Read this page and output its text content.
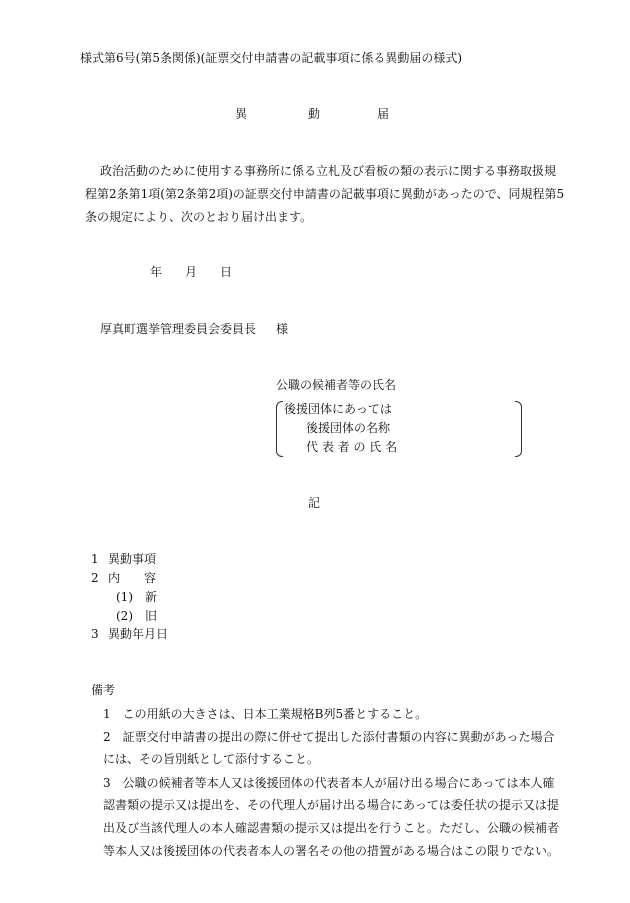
様式第6号(第5条関係)(証票交付申請書の記載事項に係る異動届の様式)
異	動	届
政治活動のために使用する事務所に係る立札及び看板の類の表示に関する事務取扱規
程第2条第1項(第2条第2項)の証票交付申請書の記載事項に異動があったので、同規程第5
条の規定により、次のとおり届け出ます。
年 月 日
厚真町選挙管理委員会委員長 様
公職の候補者等の氏名
後援団体にあっては
後援団体の名称
代 表 者 の 氏 名
記
1 異動事項
2 内　　容
(1) 新
(2) 旧
3 異動年月日
備考
1　この用紙の大きさは、日本工業規格B列5番とすること。
2　証票交付申請書の提出の際に併せて提出した添付書類の内容に異動があった場合
には、その旨別紙として添付すること。
3　公職の候補者等本人又は後援団体の代表者本人が届け出る場合にあっては本人確
認書類の提示又は提出を、その代理人が届け出る場合にあっては委任状の提示又は提
出及び当該代理人の本人確認書類の提示又は提出を行うこと。ただし、公職の候補者
等本人又は後援団体の代表者本人の署名その他の措置がある場合はこの限りでない。
